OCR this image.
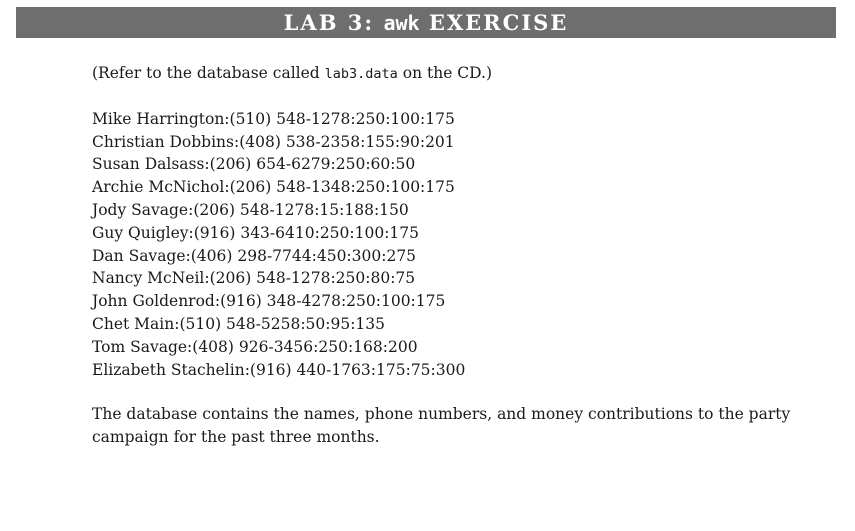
LAB 3: awk EXERCISE

(Refer to the database called lab3.data on the CD.)

Mike Harrington:(510) 548-1278:250:100:175
Christian Dobbins:(408) 538-2358:155:90:201
Susan Dalsass:(206) 654-6279:250:60:50
Archie McNichol:(206) 548-1348:250:100:175
Jody Savage:(206) 548-1278:15:188:150
Guy Quigley:(916) 343-6410:250:100:175
Dan Savage:(406) 298-7744:450:300:275
Nancy McNeil:(206) 548-1278:250:80:75
John Goldenrod:(916) 348-4278:250:100:175
Chet Main:(510) 548-5258:50:95:135
Tom Savage:(408) 926-3456:250:168:200
Elizabeth Stachelin:(916) 440-1763:175:75:300
The database contains the names, phone numbers, and money contributions to the party
campaign for the past three months.
